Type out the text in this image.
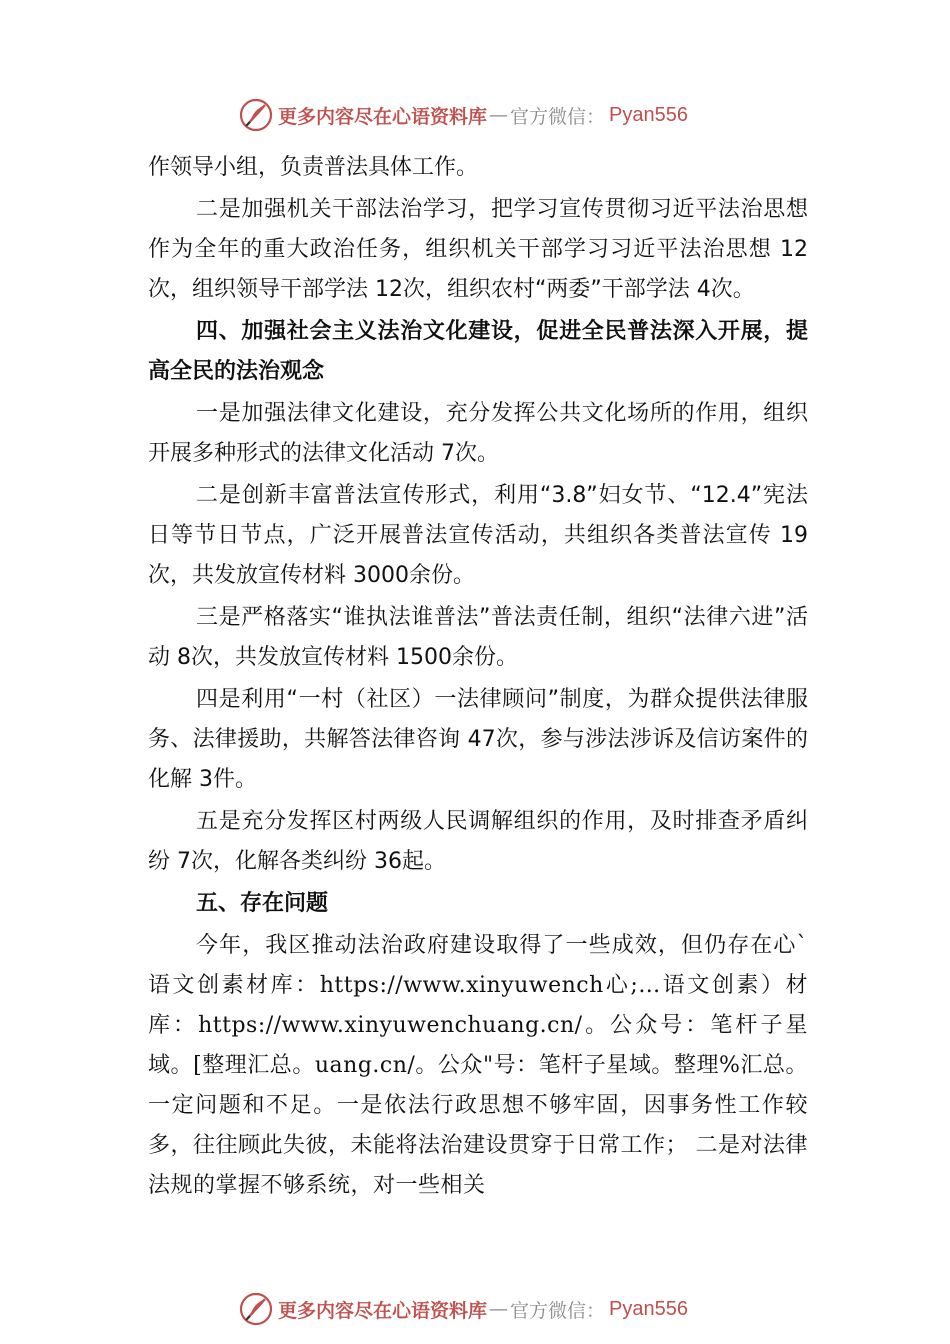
更多内容尽在心语资料库 — 官方微信： Pyan556

作领导小组，负责普法具体工作。

二是加强机关干部法治学习，把学习宣传贯彻习近平法治思想作为全年的重大政治任务，组织机关干部学习习近平法治思想 12次，组织领导干部学法 12次，组织农村“两委”干部学法 4次。

四、加强社会主义法治文化建设，促进全民普法深入开展，提高全民的法治观念

一是加强法律文化建设，充分发挥公共文化场所的作用，组织开展多种形式的法律文化活动 7次。

二是创新丰富普法宣传形式，利用“3.8”妇女节、“12.4”宪法日等节日节点，广泛开展普法宣传活动，共组织各类普法宣传 19次，共发放宣传材料 3000余份。

三是严格落实“谁执法谁普法”普法责任制，组织“法律六进”活动 8次，共发放宣传材料 1500余份。

四是利用“一村（社区）一法律顾问”制度，为群众提供法律服务、法律援助，共解答法律咨询 47次，参与涉法涉诉及信访案件的化解 3件。

五是充分发挥区村两级人民调解组织的作用，及时排查矛盾纠纷 7次，化解各类纠纷 36起。

五、存在问题

今年，我区推动法治政府建设取得了一些成效，但仍存在心`语文创素材库：https://www.xinyuwench心;…语文创素）材库：https://www.xinyuwenchuang.cn/。公众号：笔杆子星域。[整理汇总。uang.cn/。公众"号：笔杆子星域。整理%汇总。一定问题和不足。一是依法行政思想不够牢固，因事务性工作较多，往往顾此失彼，未能将法治建设贯穿于日常工作； 二是对法律法规的掌握不够系统，对一些相关

更多内容尽在心语资料库 — 官方微信： Pyan556
